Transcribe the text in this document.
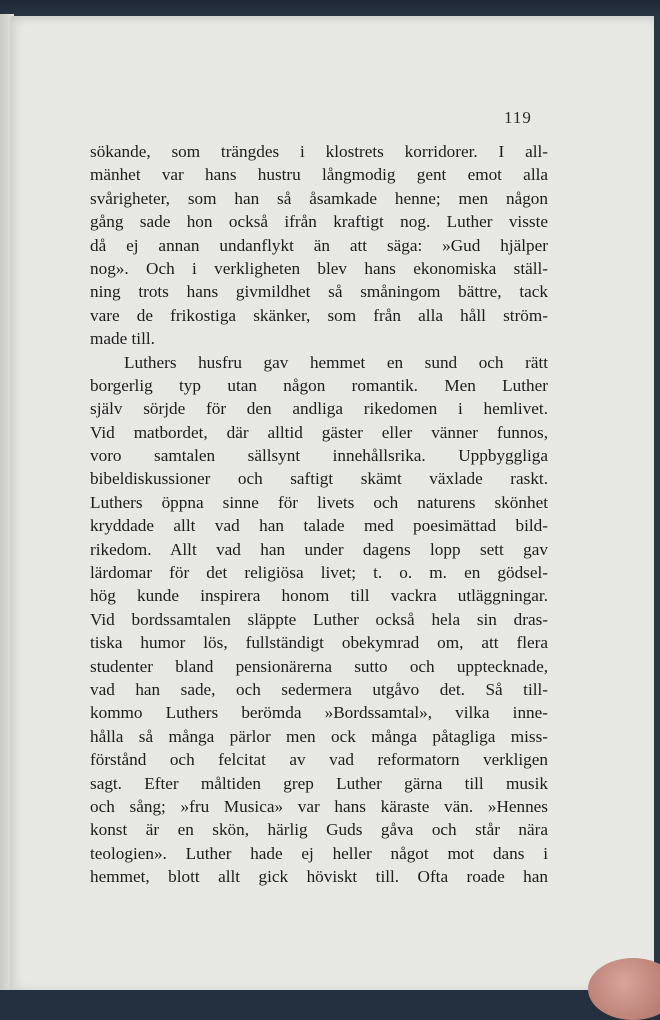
119
sökande, som trängdes i klostrets korridorer. I all-
mänhet var hans hustru långmodig gent emot alla
svårigheter, som han så åsamkade henne; men någon
gång sade hon också ifrån kraftigt nog. Luther visste
då ej annan undanflykt än att säga: »Gud hjälper
nog». Och i verkligheten blev hans ekonomiska ställ-
ning trots hans givmildhet så småningom bättre, tack
vare de frikostiga skänker, som från alla håll ström-
made till.
Luthers husfru gav hemmet en sund och rätt
borgerlig typ utan någon romantik. Men Luther
själv sörjde för den andliga rikedomen i hemlivet.
Vid matbordet, där alltid gäster eller vänner funnos,
voro samtalen sällsynt innehållsrika. Uppbyggliga
bibeldiskussioner och saftigt skämt växlade raskt.
Luthers öppna sinne för livets och naturens skönhet
kryddade allt vad han talade med poesimättad bild-
rikedom. Allt vad han under dagens lopp sett gav
lärdomar för det religiösa livet; t. o. m. en gödsel-
hög kunde inspirera honom till vackra utläggningar.
Vid bordssamtalen släppte Luther också hela sin dras-
tiska humor lös, fullständigt obekymrad om, att flera
studenter bland pensionärerna sutto och upptecknade,
vad han sade, och sedermera utgåvo det. Så till-
kommo Luthers berömda »Bordssamtal», vilka inne-
hålla så många pärlor men ock många påtagliga miss-
förstånd och felcitat av vad reformatorn verkligen
sagt. Efter måltiden grep Luther gärna till musik
och sång; »fru Musica» var hans käraste vän. »Hennes
konst är en skön, härlig Guds gåva och står nära
teologien». Luther hade ej heller något mot dans i
hemmet, blott allt gick höviskt till. Ofta roade han
